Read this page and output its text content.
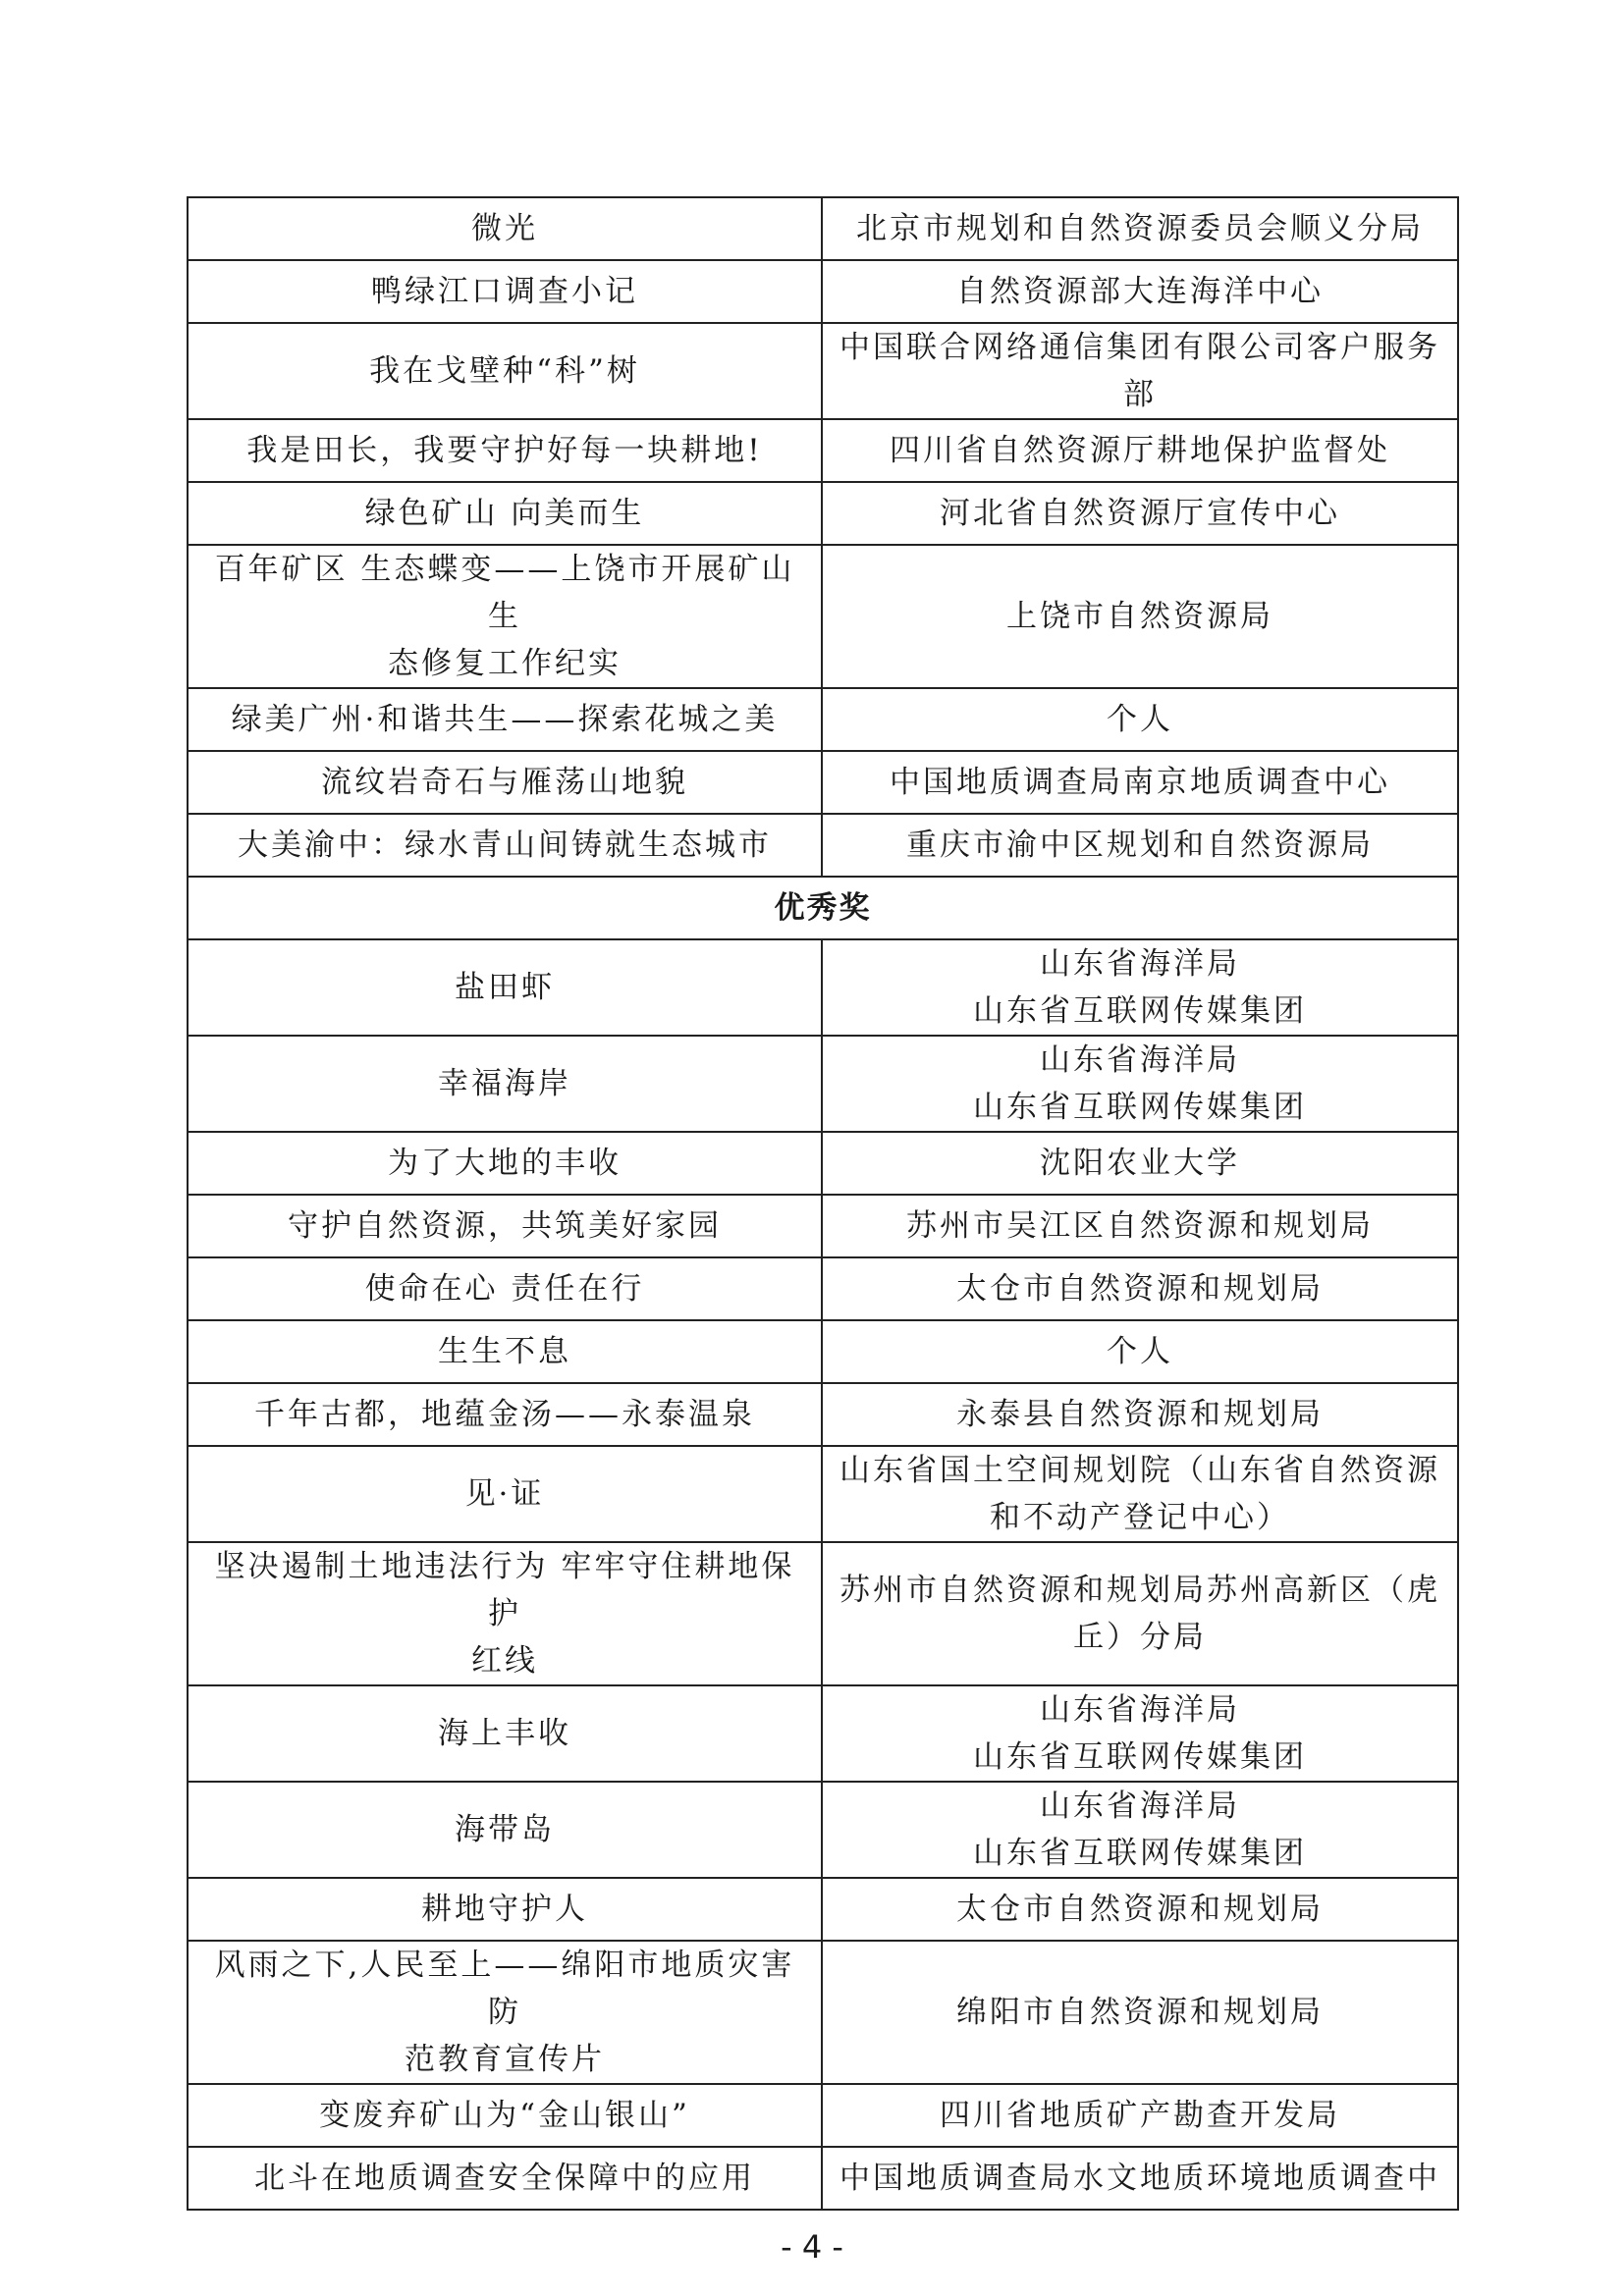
微光	北京市规划和自然资源委员会顺义分局

鸭绿江口调查小记	自然资源部大连海洋中心

我在戈壁种“科”树	中国联合网络通信集团有限公司客户服务
部

我是田长，我要守护好每一块耕地!	四川省自然资源厅耕地保护监督处

绿色矿山 向美而生	河北省自然资源厅宣传中心

百年矿区 生态蝶变——上饶市开展矿山生
态修复工作纪实	上饶市自然资源局

绿美广州·和谐共生——探索花城之美	个人

流纹岩奇石与雁荡山地貌	中国地质调查局南京地质调查中心

大美渝中：绿水青山间铸就生态城市	重庆市渝中区规划和自然资源局

优秀奖	

盐田虾	山东省海洋局
山东省互联网传媒集团

幸福海岸	山东省海洋局
山东省互联网传媒集团

为了大地的丰收	沈阳农业大学

守护自然资源，共筑美好家园	苏州市吴江区自然资源和规划局

使命在心 责任在行	太仓市自然资源和规划局

生生不息	个人

千年古都，地蕴金汤——永泰温泉	永泰县自然资源和规划局

见·证	山东省国土空间规划院（山东省自然资源
和不动产登记中心）

坚决遏制土地违法行为 牢牢守住耕地保护
红线	苏州市自然资源和规划局苏州高新区（虎
丘）分局

海上丰收	山东省海洋局
山东省互联网传媒集团

海带岛	山东省海洋局
山东省互联网传媒集团

耕地守护人	太仓市自然资源和规划局

风雨之下,人民至上——绵阳市地质灾害防
范教育宣传片	绵阳市自然资源和规划局

变废弃矿山为“金山银山”	四川省地质矿产勘查开发局

北斗在地质调查安全保障中的应用	中国地质调查局水文地质环境地质调查中
- 4 -
